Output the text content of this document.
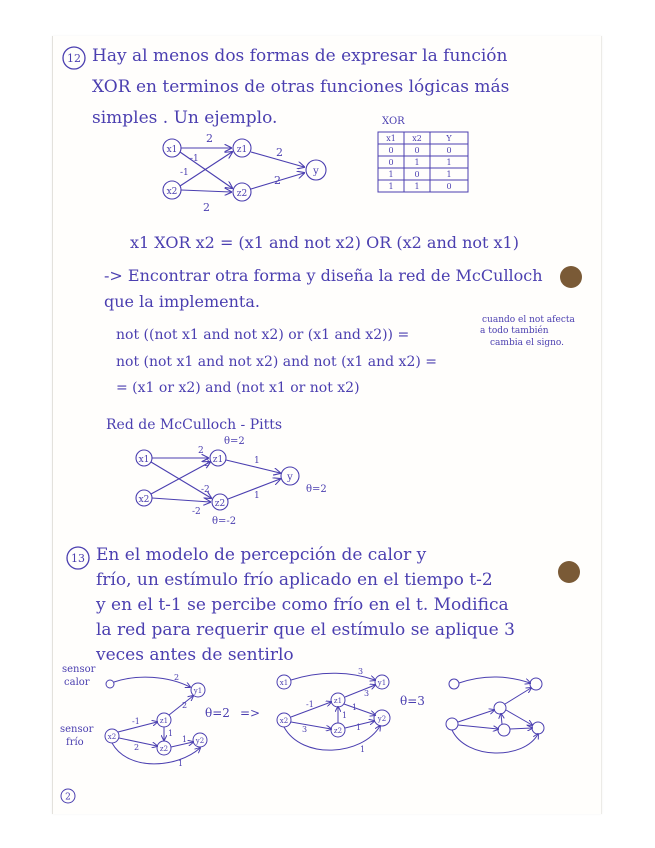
12 Hay al menos dos formas de expresar la función
XOR en terminos de otras funciones lógicas más
simples . Un ejemplo.
x1
x2
z1
z2
y
2
-1
-1
2
2
2
XOR
x1 x2	Y
0	0	0
0	1	1
1	0	1
1	1	0
x1 XOR x2 = (x1 and not x2) OR (x2 and not x1)
-> Encontrar otra forma y diseña la red de McCulloch
que la implementa.
not ((not x1 and not x2) or (x1 and x2)) =
not (not x1 and not x2) and not (x1 and x2) =
= (x1 or x2) and (not x1 or not x2)
cuando el not afecta
a todo también
cambia el signo.
Red de McCulloch - Pitts
x1
x2
z1
z2
y
θ=2
θ=-2
θ=2
2
2
-2
-2
1
1
13 En el modelo de percepción de calor y
frío, un estímulo frío aplicado en el tiempo t-2
y en el t-1 se percibe como frío en el t. Modifica
la red para requerir que el estímulo se aplique 3
veces antes de sentirlo
sensor
calor
sensor
frío
y1
z1
x2
z2
y2
2
-1
2
2
1
1
1
θ=2 =>
x1	y1
z1
x2
z2
y2
3
3
-1
3
1
1
1
1
θ=3
2
